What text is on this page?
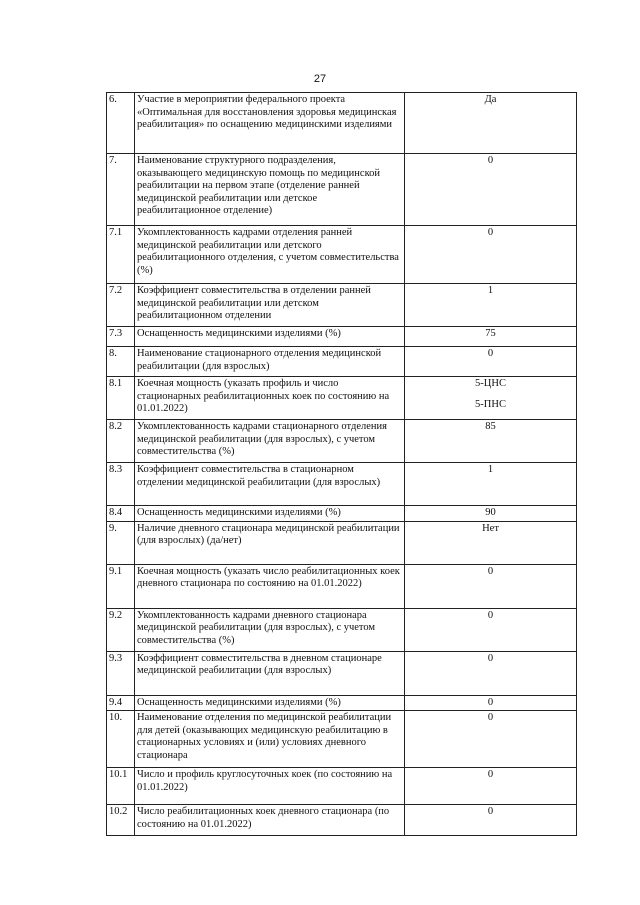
27
6.	Участие в мероприятии федерального проекта «Оптимальная для восстановления здоровья медицинская реабилитация» по оснащению медицинскими изделиями	Да
7.	Наименование структурного подразделения, оказывающего медицинскую помощь по медицинской реабилитации на первом этапе (отделение ранней медицинской реабилитации или детское реабилитационное отделение)	0
7.1	Укомплектованность кадрами отделения ранней медицинской реабилитации или детского реабилитационного отделения, с учетом совместительства (%)	0
7.2	Коэффициент совместительства в отделении ранней медицинской реабилитации или детском реабилитационном отделении	1
7.3	Оснащенность медицинскими изделиями (%)	75
8.	Наименование стационарного отделения медицинской реабилитации (для взрослых)	0
8.1	Коечная мощность (указать профиль и число стационарных реабилитационных коек по состоянию на 01.01.2022)	5-ЦНС
5-ПНС

8.2	Укомплектованность кадрами стационарного отделения медицинской реабилитации (для взрослых), с учетом совместительства (%)	85
8.3	Коэффициент совместительства в стационарном отделении медицинской реабилитации (для взрослых)	1
8.4	Оснащенность медицинскими изделиями (%)	90
9.	Наличие дневного стационара медицинской реабилитации (для взрослых) (да/нет)	Нет
9.1	Коечная мощность (указать число реабилитационных коек дневного стационара по состоянию на 01.01.2022)	0
9.2	Укомплектованность кадрами дневного стационара медицинской реабилитации (для взрослых), с учетом совместительства (%)	0
9.3	Коэффициент совместительства в дневном стационаре медицинской реабилитации (для взрослых)	0
9.4	Оснащенность медицинскими изделиями (%)	0
10.	Наименование отделения по медицинской реабилитации для детей (оказывающих медицинскую реабилитацию в стационарных условиях и (или) условиях дневного стационара	0
10.1	Число и профиль круглосуточных коек (по состоянию на 01.01.2022)	0
10.2	Число реабилитационных коек дневного стационара (по состоянию на 01.01.2022)	0
